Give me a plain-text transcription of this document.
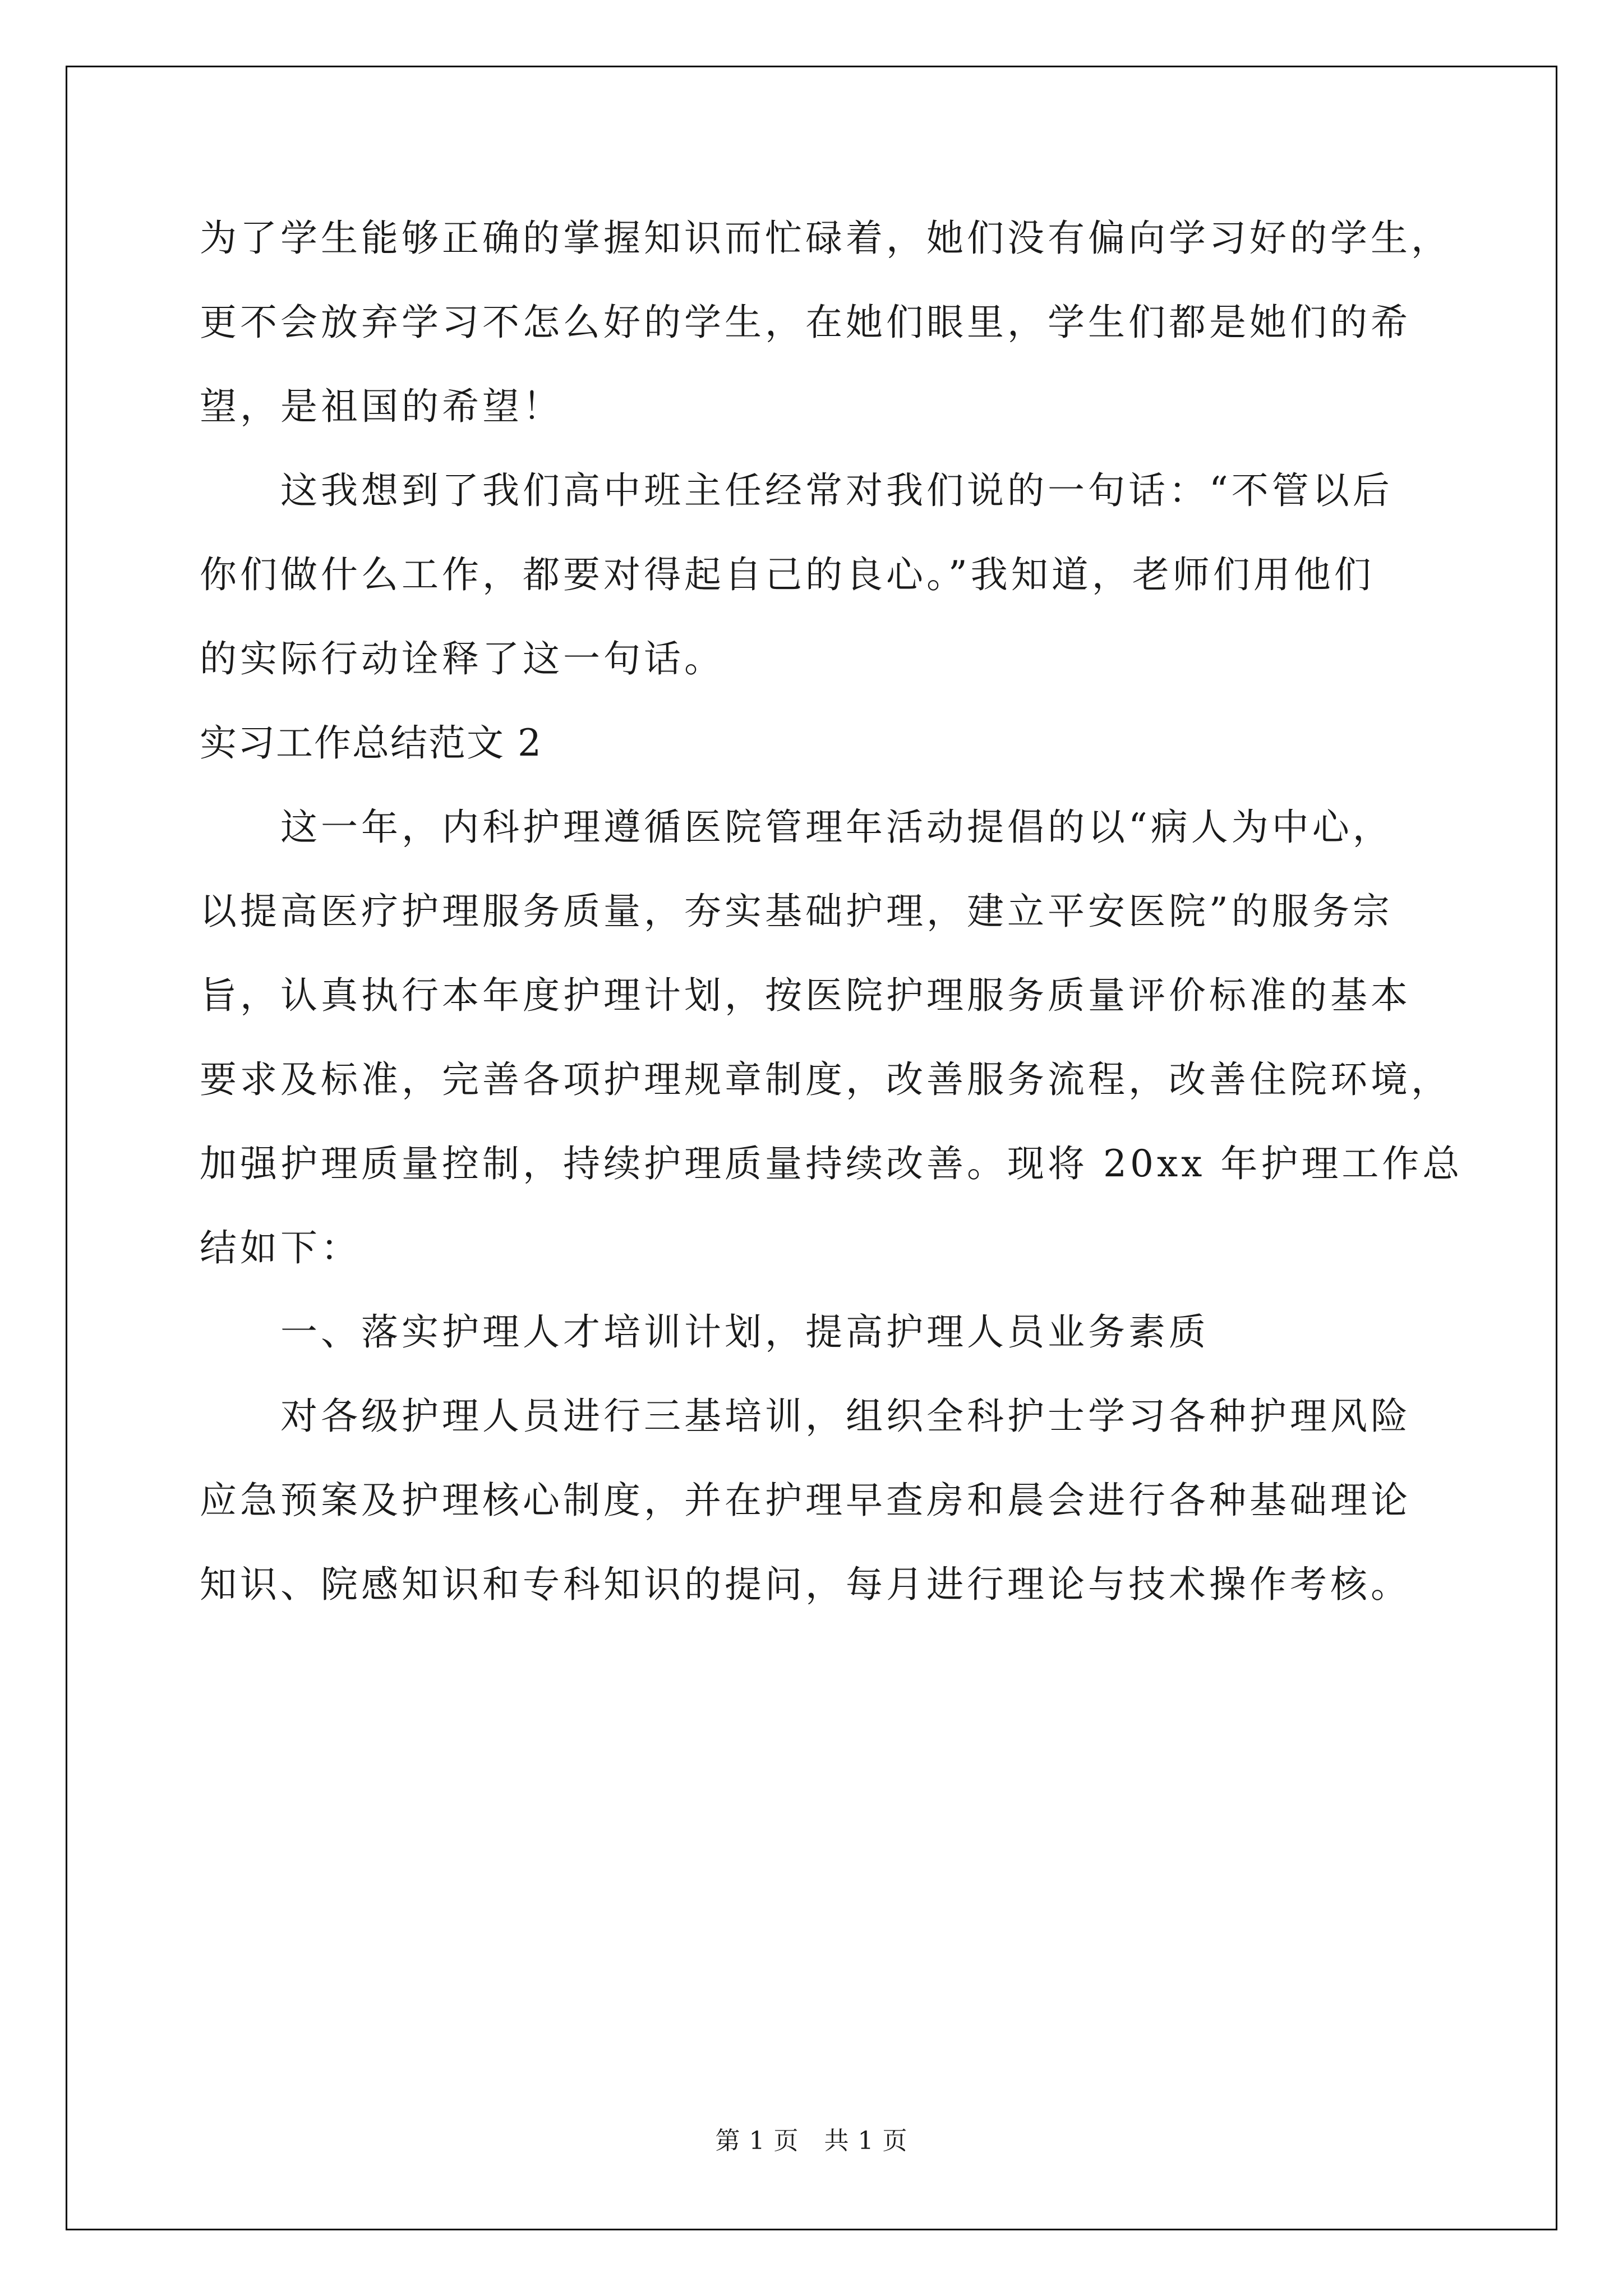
为了学生能够正确的掌握知识而忙碌着，她们没有偏向学习好的学生，
更不会放弃学习不怎么好的学生，在她们眼里，学生们都是她们的希
望，是祖国的希望！
这我想到了我们高中班主任经常对我们说的一句话：“不管以后
你们做什么工作，都要对得起自己的良心。”我知道，老师们用他们
的实际行动诠释了这一句话。
实习工作总结范文 2
这一年，内科护理遵循医院管理年活动提倡的以“病人为中心，
以提高医疗护理服务质量，夯实基础护理，建立平安医院”的服务宗
旨，认真执行本年度护理计划，按医院护理服务质量评价标准的基本
要求及标准，完善各项护理规章制度，改善服务流程，改善住院环境，
加强护理质量控制，持续护理质量持续改善。现将 20xx 年护理工作总
结如下：
一、落实护理人才培训计划，提高护理人员业务素质
对各级护理人员进行三基培训，组织全科护士学习各种护理风险
应急预案及护理核心制度，并在护理早查房和晨会进行各种基础理论
知识、院感知识和专科知识的提问，每月进行理论与技术操作考核。
第 1 页   共 1 页
